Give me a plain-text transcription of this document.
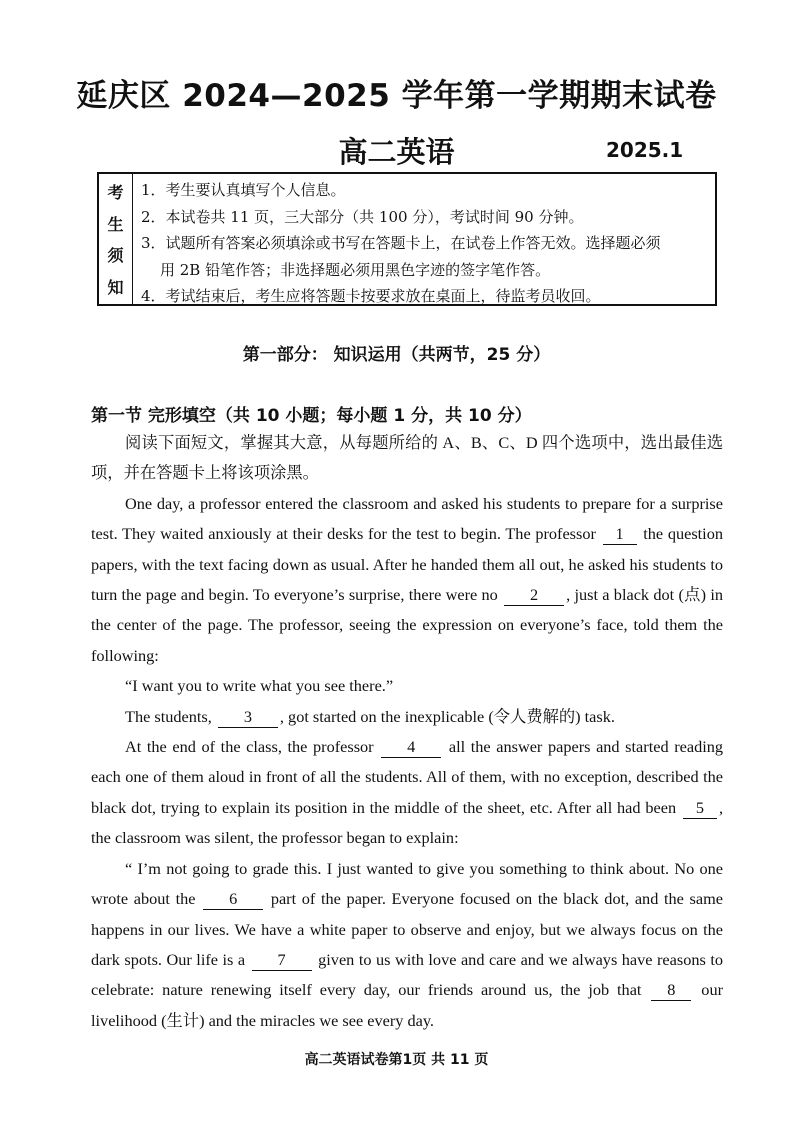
延庆区 2024—2025 学年第一学期期末试卷
高二英语	2025.1
考
生
须
知
1．考生要认真填写个人信息。
2．本试卷共 11 页，三大部分（共 100 分），考试时间 90 分钟。
3．试题所有答案必须填涂或书写在答题卡上，在试卷上作答无效。选择题必须
用 2B 铅笔作答；非选择题必须用黑色字迹的签字笔作答。
4．考试结束后，考生应将答题卡按要求放在桌面上，待监考员收回。
第一部分： 知识运用（共两节，25 分）
第一节 完形填空（共 10 小题；每小题 1 分，共 10 分）

阅读下面短文，掌握其大意，从每题所给的 A、B、C、D 四个选项中，选出最佳选项，并在答题卡上将该项涂黑。

One day, a professor entered the classroom and asked his students to prepare for a surprise test. They waited anxiously at their desks for the test to begin. The professor 1 the question papers, with the text facing down as usual. After he handed them all out, he asked his students to turn the page and begin. To everyone’s surprise, there were no 2 , just a black dot (点) in the center of the page. The professor, seeing the expression on everyone’s face, told them the following:

“I want you to write what you see there.”

The students, 3 , got started on the inexplicable (令人费解的) task.

At the end of the class, the professor 4 all the answer papers and started reading each one of them aloud in front of all the students. All of them, with no exception, described the black dot, trying to explain its position in the middle of the sheet, etc. After all had been 5 , the classroom was silent, the professor began to explain:

“ I’m not going to grade this. I just wanted to give you something to think about. No one wrote about the 6 part of the paper. Everyone focused on the black dot, and the same happens in our lives. We have a white paper to observe and enjoy, but we always focus on the dark spots. Our life is a 7 given to us with love and care and we always have reasons to celebrate: nature renewing itself every day, our friends around us, the job that 8 our livelihood (生计) and the miracles we see every day.

高二英语试卷第1页 共 11 页
